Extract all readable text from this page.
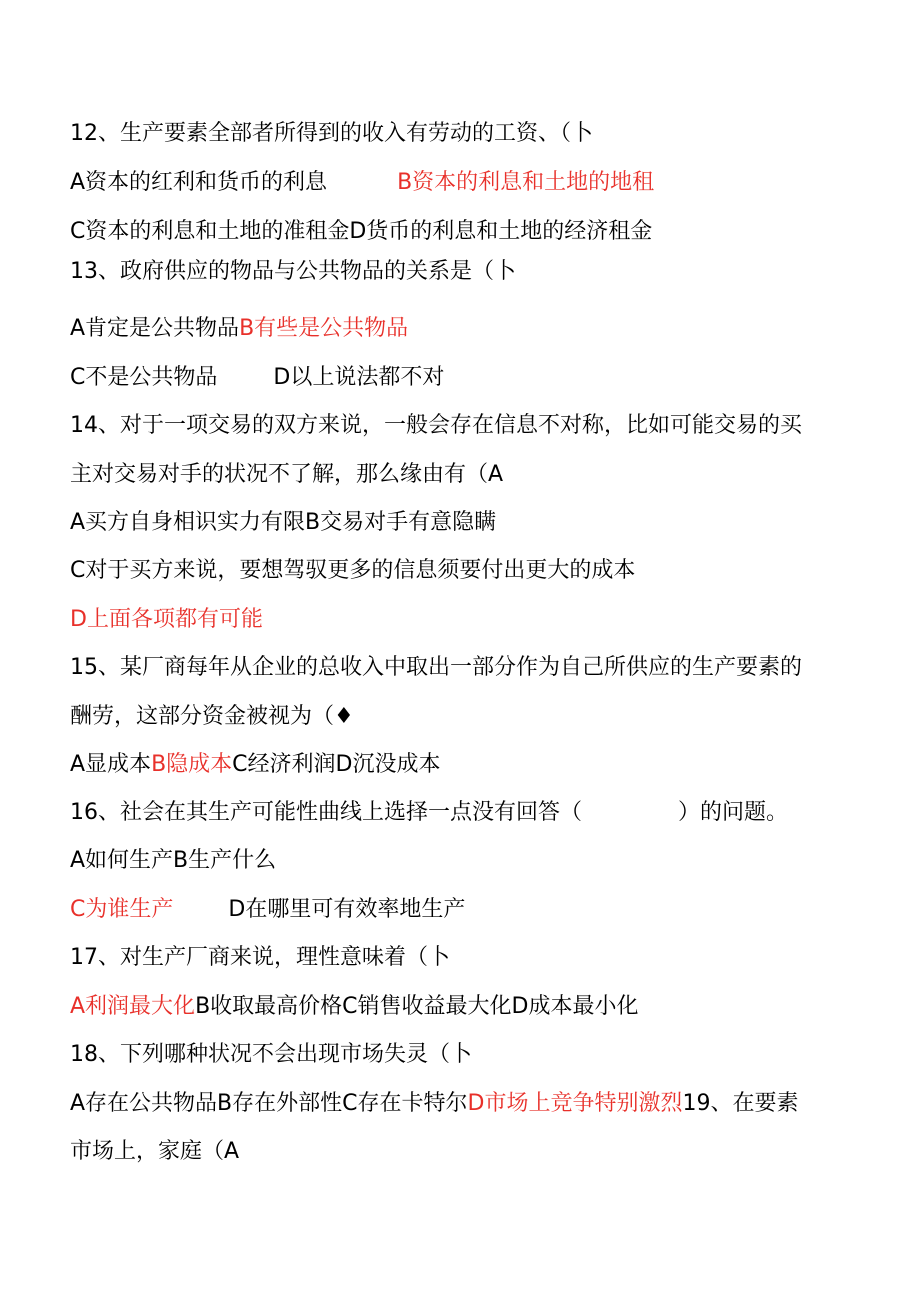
12、生产要素全部者所得到的收入有劳动的工资、（卜
A资本的红利和货币的利息	B资本的利息和土地的地租
C资本的利息和土地的准租金D货币的利息和土地的经济租金
13、政府供应的物品与公共物品的关系是（卜
A肯定是公共物品B有些是公共物品
C不是公共物品	D以上说法都不对
14、对于一项交易的双方来说，一般会存在信息不对称，比如可能交易的买
主对交易对手的状况不了解，那么缘由有（A
A买方自身相识实力有限B交易对手有意隐瞒
C对于买方来说，要想驾驭更多的信息须要付出更大的成本
D上面各项都有可能
15、某厂商每年从企业的总收入中取出一部分作为自己所供应的生产要素的
酬劳，这部分资金被视为（♦
A显成本B隐成本C经济利润D沉没成本
16、社会在其生产可能性曲线上选择一点没有回答（	）的问题。
A如何生产B生产什么
C为谁生产	D在哪里可有效率地生产
17、对生产厂商来说，理性意味着（卜
A利润最大化B收取最高价格C销售收益最大化D成本最小化
18、下列哪种状况不会出现市场失灵（卜
A存在公共物品B存在外部性C存在卡特尔D市场上竞争特别激烈19、在要素
市场上，家庭（A
